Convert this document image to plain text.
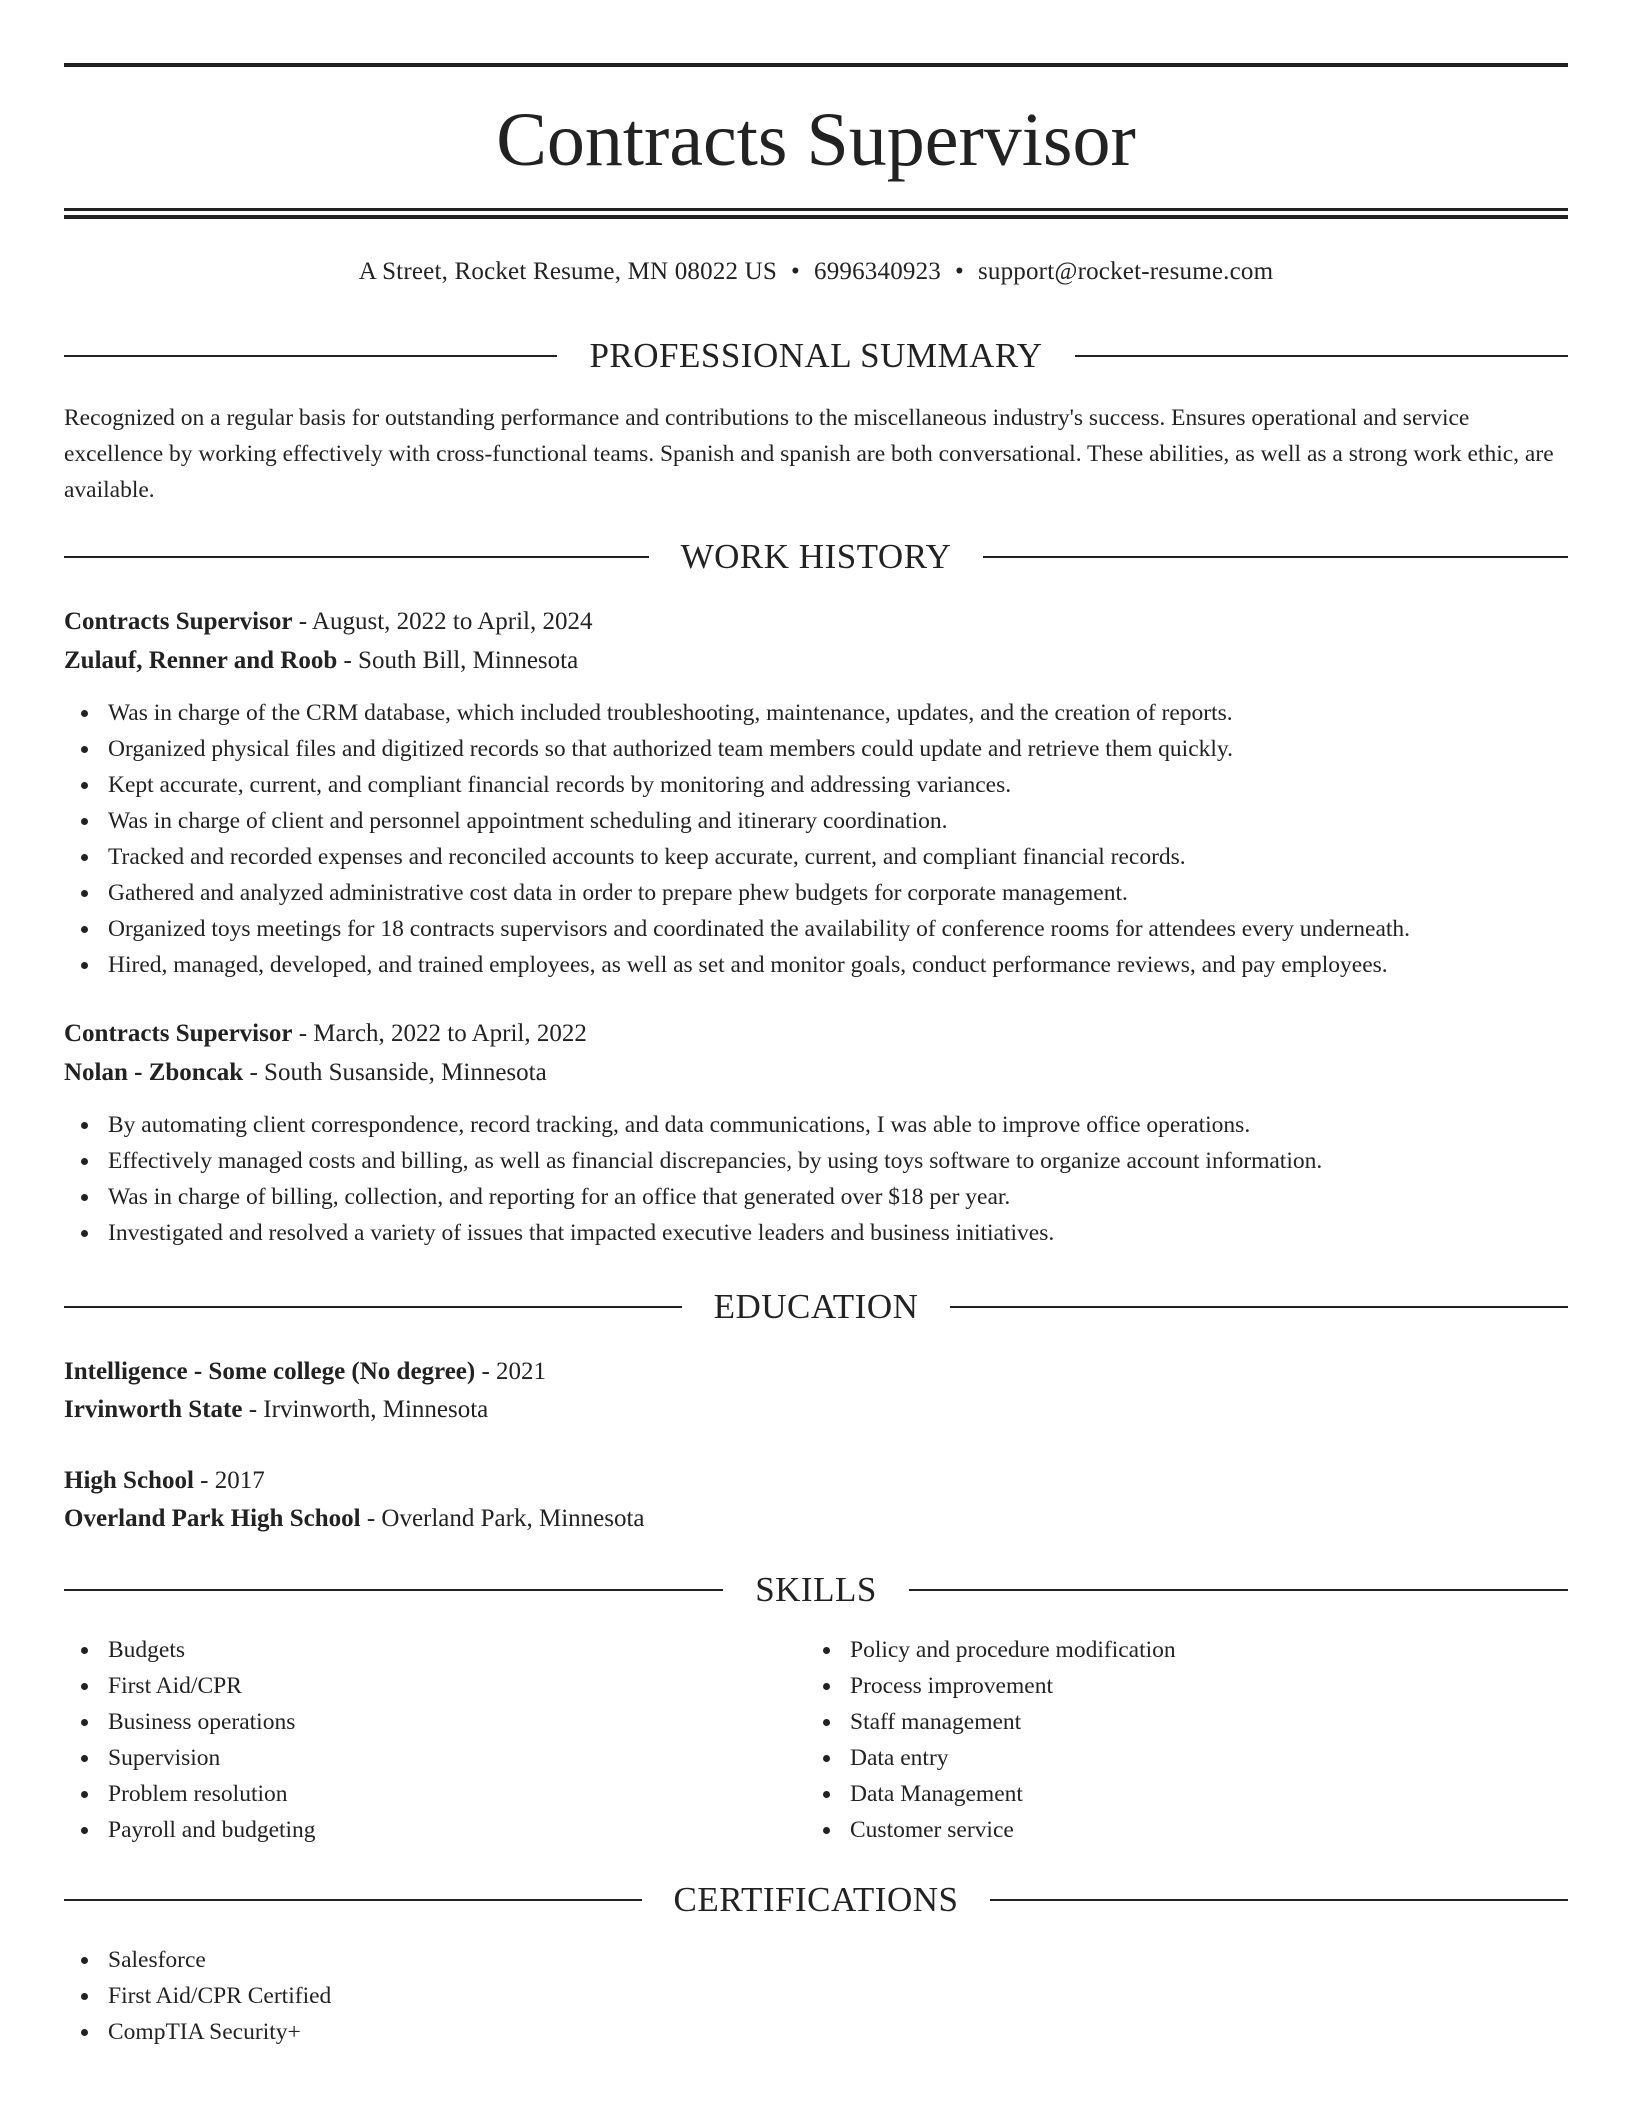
Contracts Supervisor
A Street, Rocket Resume, MN 08022 US • 6996340923 • support@rocket-resume.com
PROFESSIONAL SUMMARY

Recognized on a regular basis for outstanding performance and contributions to the miscellaneous industry's success. Ensures operational and service excellence by working effectively with cross-functional teams. Spanish and spanish are both conversational. These abilities, as well as a strong work ethic, are available.

WORK HISTORY
Contracts Supervisor - August, 2022 to April, 2024
Zulauf, Renner and Roob - South Bill, Minnesota
Was in charge of the CRM database, which included troubleshooting, maintenance, updates, and the creation of reports.
Organized physical files and digitized records so that authorized team members could update and retrieve them quickly.
Kept accurate, current, and compliant financial records by monitoring and addressing variances.
Was in charge of client and personnel appointment scheduling and itinerary coordination.
Tracked and recorded expenses and reconciled accounts to keep accurate, current, and compliant financial records.
Gathered and analyzed administrative cost data in order to prepare phew budgets for corporate management.
Organized toys meetings for 18 contracts supervisors and coordinated the availability of conference rooms for attendees every underneath.
Hired, managed, developed, and trained employees, as well as set and monitor goals, conduct performance reviews, and pay employees.
Contracts Supervisor - March, 2022 to April, 2022
Nolan - Zboncak - South Susanside, Minnesota
By automating client correspondence, record tracking, and data communications, I was able to improve office operations.
Effectively managed costs and billing, as well as financial discrepancies, by using toys software to organize account information.
Was in charge of billing, collection, and reporting for an office that generated over $18 per year.
Investigated and resolved a variety of issues that impacted executive leaders and business initiatives.
EDUCATION
Intelligence - Some college (No degree) - 2021
Irvinworth State - Irvinworth, Minnesota
High School - 2017
Overland Park High School - Overland Park, Minnesota
SKILLS
Budgets
First Aid/CPR
Business operations
Supervision
Problem resolution
Payroll and budgeting
Policy and procedure modification
Process improvement
Staff management
Data entry
Data Management
Customer service
CERTIFICATIONS
Salesforce
First Aid/CPR Certified
CompTIA Security+
